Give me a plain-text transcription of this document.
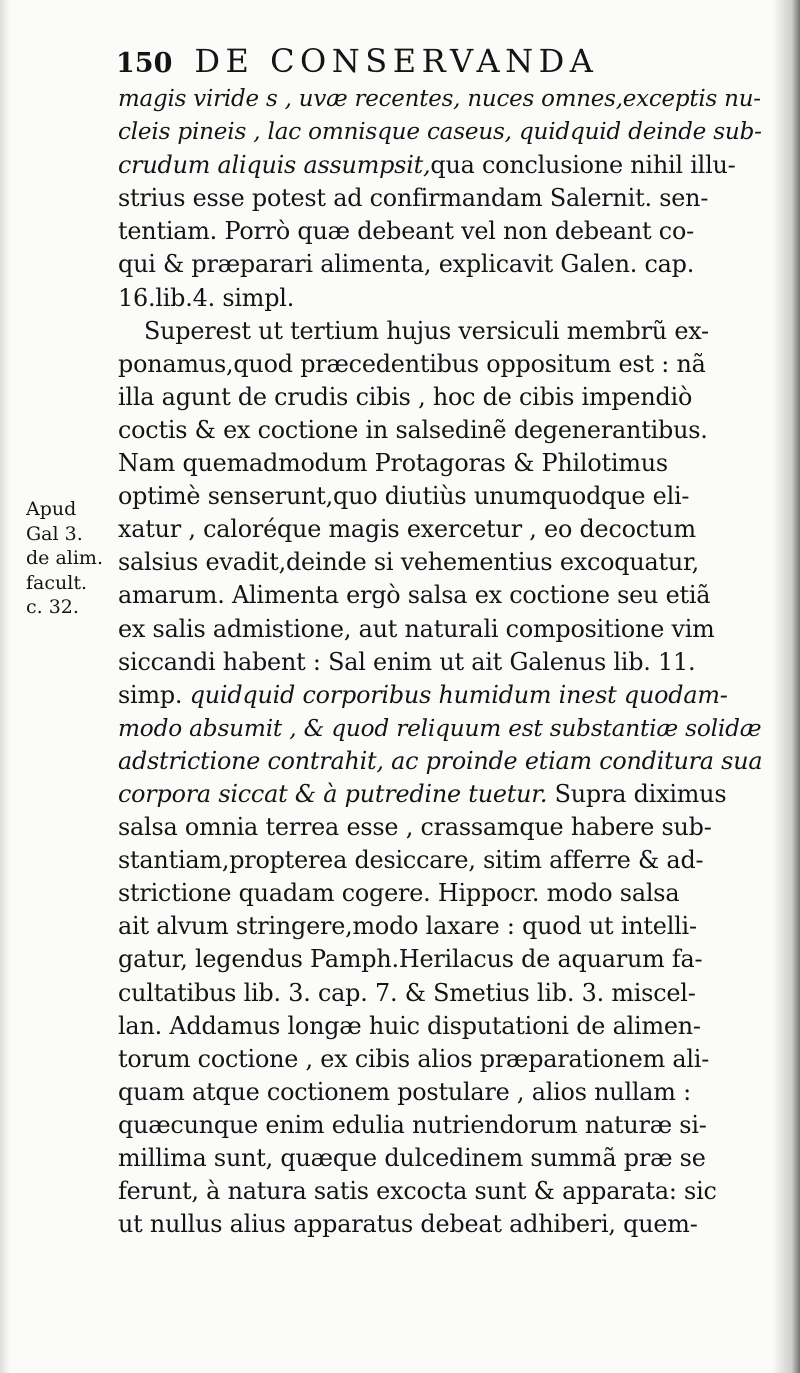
150 DE CONSERVANDA
Apud
Gal 3.
de alim.
facult.
c. 32.
magis viride s , uvæ recentes, nuces omnes,exceptis nu-
cleis pineis , lac omnisque caseus, quidquid deinde sub-
crudum aliquis assumpsit,qua conclusione nihil illu-
strius esse potest ad confirmandam Salernit. sen-
tentiam. Porrò quæ debeant vel non debeant co-
qui & præparari alimenta, explicavit Galen. cap.
16.lib.4. simpl.
Superest ut tertium hujus versiculi membrũ ex-
ponamus,quod præcedentibus oppositum est : nã
illa agunt de crudis cibis , hoc de cibis impendiò
coctis & ex coctione in salsedinẽ degenerantibus.
Nam quemadmodum Protagoras & Philotimus
optimè senserunt,quo diutiùs unumquodque eli-
xatur , caloréque magis exercetur , eo decoctum
salsius evadit,deinde si vehementius excoquatur,
amarum. Alimenta ergò salsa ex coctione seu etiã
ex salis admistione, aut naturali compositione vim
siccandi habent : Sal enim ut ait Galenus lib. 11.
simp. quidquid corporibus humidum inest quodam-
modo absumit , & quod reliquum est substantiæ solidæ
adstrictione contrahit, ac proinde etiam conditura sua
corpora siccat & à putredine tuetur. Supra diximus
salsa omnia terrea esse , crassamque habere sub-
stantiam,propterea desiccare, sitim afferre & ad-
strictione quadam cogere. Hippocr. modo salsa
ait alvum stringere,modo laxare : quod ut intelli-
gatur, legendus Pamph.Herilacus de aquarum fa-
cultatibus lib. 3. cap. 7. & Smetius lib. 3. miscel-
lan. Addamus longæ huic disputationi de alimen-
torum coctione , ex cibis alios præparationem ali-
quam atque coctionem postulare , alios nullam :
quæcunque enim edulia nutriendorum naturæ si-
millima sunt, quæque dulcedinem summã præ se
ferunt, à natura satis excocta sunt & apparata: sic
ut nullus alius apparatus debeat adhiberi, quem-
